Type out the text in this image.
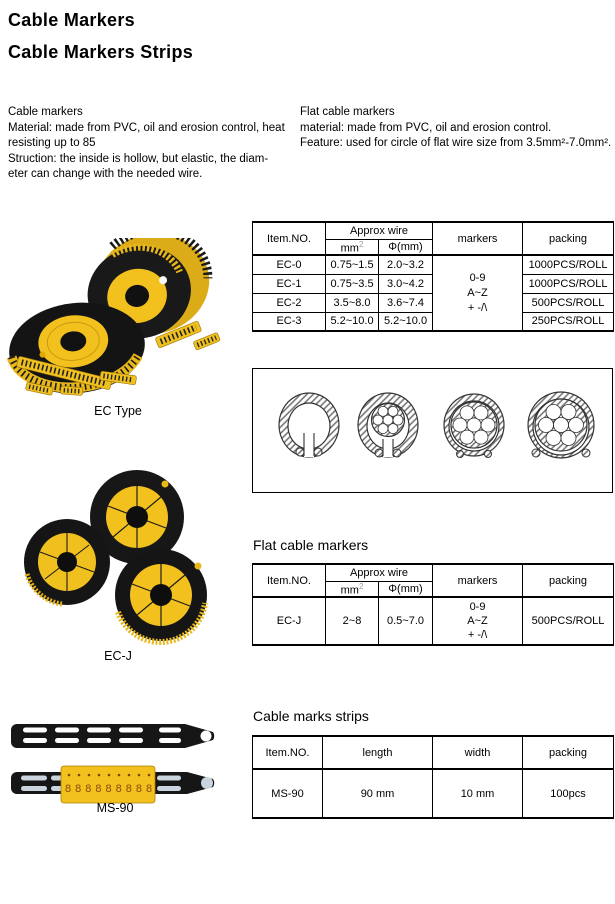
Cable Markers
Cable Markers Strips
Cable markers
Material: made from PVC, oil and erosion control, heat
resisting up to 85
Struction: the inside is hollow, but elastic, the diam-
eter can change with the needed wire.
Flat cable markers
material: made from PVC, oil and erosion control.
Feature: used for circle of flat wire size from 3.5mm²-7.0mm².
Item.NO.	Approx wire		markers	packing
	$mm^2$	Φ(mm)		
EC-0	0.75~1.5	2.0~3.2	0-9
A~Z
+ -/\	1000PCS/ROLL
EC-1	0.75~3.5	3.0~4.2		1000PCS/ROLL
EC-2	3.5~8.0	3.6~7.4		500PCS/ROLL
EC-3	5.2~10.0	5.2~10.0		250PCS/ROLL
EC Type
EC-J
Flat cable markers
Item.NO.	Approx wire		markers	packing
	$mm^2$	Φ(mm)		
EC-J	2~8	0.5~7.0	0-9
A~Z
+ -/\	500PCS/ROLL
Cable marks strips
Item.NO.	length	width	packing
MS-90	90 mm	10 mm	100pcs
888888888
MS-90
